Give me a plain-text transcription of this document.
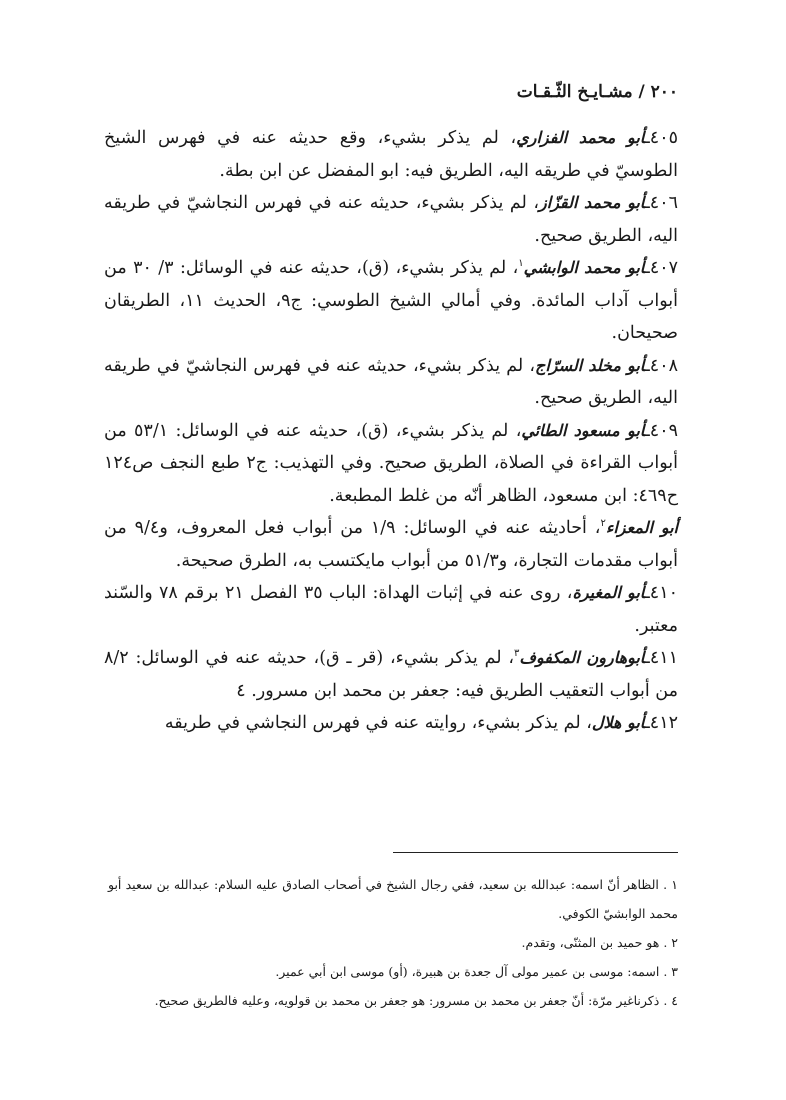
٢٠٠ / مشـايـخ الثّـقـات

٤٠٥ـأبو محمد الفزاري، لم يذكر بشيء، وقع حديثه عنه في فهرس الشيخ الطوسيّ في طريقه اليه، الطريق فيه: ابو المفضل عن ابن بطة.

٤٠٦ـأبو محمد القزّاز، لم يذكر بشيء، حديثه عنه في فهرس النجاشيّ في طريقه اليه، الطريق صحيح.

٤٠٧ـأبو محمد الوابشي$^١$، لم يذكر بشيء، (ق)، حديثه عنه في الوسائل: ٣/ ٣٠ من أبواب آداب المائدة. وفي أمالي الشيخ الطوسي: ج٩، الحديث ١١، الطريقان صحيحان.

٤٠٨ـأبو مخلد السرّاج، لم يذكر بشيء، حديثه عنه في فهرس النجاشيّ في طريقه اليه، الطريق صحيح.

٤٠٩ـأبو مسعود الطائي، لم يذكر بشيء، (ق)، حديثه عنه في الوسائل: ٥٣/١ من أبواب القراءة في الصلاة، الطريق صحيح. وفي التهذيب: ج٢ طبع النجف ص١٢٤ ح٤٦٩: ابن مسعود، الظاهر أنّه من غلط المطبعة.

أبو المعزاء$^٢$، أحاديثه عنه في الوسائل: ١/٩ من أبواب فعل المعروف، و٩/٤ من أبواب مقدمات التجارة، و٥١/٣ من أبواب مايكتسب به، الطرق صحيحة.

٤١٠ـأبو المغيرة، روى عنه في إثبات الهداة: الباب ٣٥ الفصل ٢١ برقم ٧٨ والسّند معتبر.

٤١١ـأبوهارون المكفوف$^٣$، لم يذكر بشيء، (قر ـ ق)، حديثه عنه في الوسائل: ٨/٢ من أبواب التعقيب الطريق فيه: جعفر بن محمد ابن مسرور. ٤

٤١٢ـأبو هلال، لم يذكر بشيء، روايته عنه في فهرس النجاشي في طريقه

١ . الظاهر أنّ اسمه: عبدالله بن سعيد، ففي رجال الشيخ في أصحاب الصادق عليه السلام: عبدالله بن سعيد أبو محمد الوابشيّ الكوفي.

٢ . هو حميد بن المثنّى، وتقدم.

٣ . اسمه: موسى بن عمير مولى آل جعدة بن هبيرة، (أو) موسى ابن أبي عمير.

٤ . ذكرناغير مرّة: أنّ جعفر بن محمد بن مسرور: هو جعفر بن محمد بن قولويه، وعليه فالطريق صحيح.
